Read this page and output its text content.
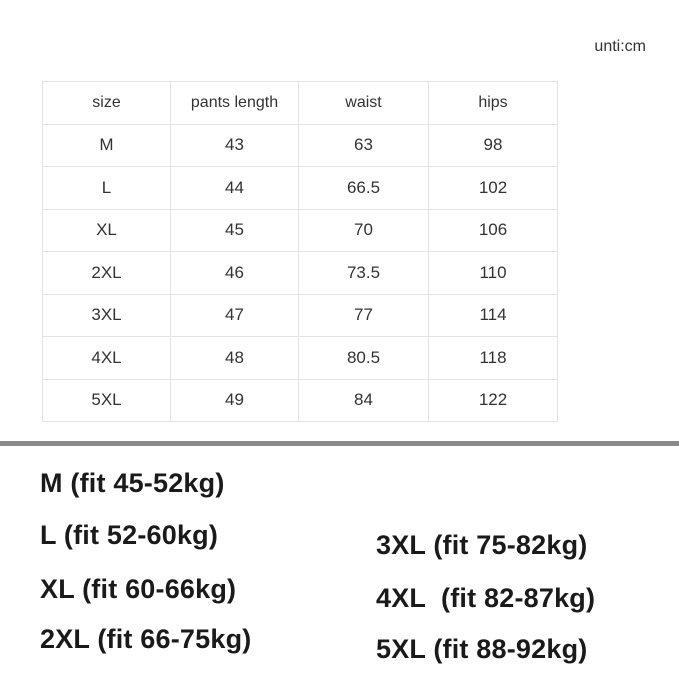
unti:cm
size	pants length	waist	hips
M	43	63	98
L	44	66.5	102
XL	45	70	106
2XL	46	73.5	110
3XL	47	77	114
4XL	48	80.5	118
5XL	49	84	122
M (fit 45-52kg)
L (fit 52-60kg)
XL (fit 60-66kg)
2XL (fit 66-75kg)
3XL (fit 75-82kg)
4XL  (fit 82-87kg)
5XL (fit 88-92kg)
